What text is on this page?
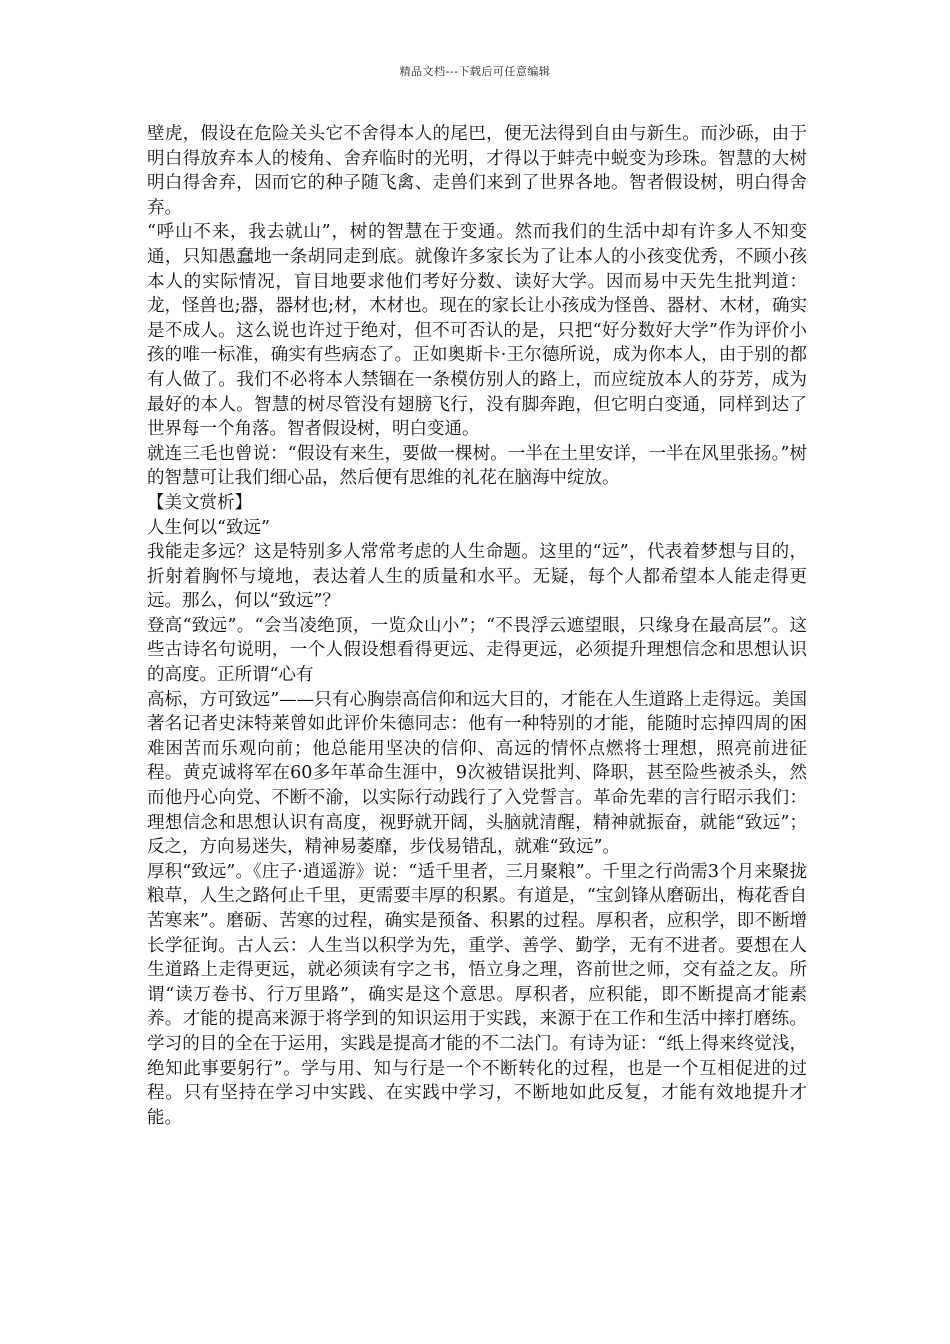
精品文档---下载后可任意编辑

壁虎，假设在危险关头它不舍得本人的尾巴，便无法得到自由与新生。而沙砾，由于明白得放弃本人的棱角、舍弃临时的光明，才得以于蚌壳中蜕变为珍珠。智慧的大树明白得舍弃，因而它的种子随飞禽、走兽们来到了世界各地。智者假设树，明白得舍弃。

“呼山不来，我去就山”，树的智慧在于变通。然而我们的生活中却有许多人不知变通，只知愚蠢地一条胡同走到底。就像许多家长为了让本人的小孩变优秀，不顾小孩本人的实际情况，盲目地要求他们考好分数、读好大学。因而易中天先生批判道：龙，怪兽也;器，器材也;材，木材也。现在的家长让小孩成为怪兽、器材、木材，确实是不成人。这么说也许过于绝对，但不可否认的是，只把“好分数好大学”作为评价小孩的唯一标准，确实有些病态了。正如奥斯卡·王尔德所说，成为你本人，由于别的都有人做了。我们不必将本人禁锢在一条模仿别人的路上，而应绽放本人的芬芳，成为最好的本人。智慧的树尽管没有翅膀飞行，没有脚奔跑，但它明白变通，同样到达了世界每一个角落。智者假设树，明白变通。

就连三毛也曾说：“假设有来生，要做一棵树。一半在土里安详，一半在风里张扬。”树的智慧可让我们细心品，然后便有思维的礼花在脑海中绽放。

【美文赏析】

人生何以“致远”

我能走多远？这是特别多人常常考虑的人生命题。这里的“远”，代表着梦想与目的，折射着胸怀与境地，表达着人生的质量和水平。无疑，每个人都希望本人能走得更远。那么，何以“致远”？

登高“致远”。“会当凌绝顶，一览众山小”；“不畏浮云遮望眼，只缘身在最高层”。这些古诗名句说明，一个人假设想看得更远、走得更远，必须提升理想信念和思想认识的高度。正所谓“心有

高标，方可致远”——只有心胸崇高信仰和远大目的，才能在人生道路上走得远。美国著名记者史沫特莱曾如此评价朱德同志：他有一种特别的才能，能随时忘掉四周的困难困苦而乐观向前；他总能用坚决的信仰、高远的情怀点燃将士理想，照亮前进征程。黄克诚将军在60多年革命生涯中，9次被错误批判、降职，甚至险些被杀头，然而他丹心向党、不断不渝，以实际行动践行了入党誓言。革命先辈的言行昭示我们：理想信念和思想认识有高度，视野就开阔，头脑就清醒，精神就振奋，就能“致远”；反之，方向易迷失，精神易萎靡，步伐易错乱，就难“致远”。

厚积“致远”。《庄子·逍遥游》说：“适千里者，三月聚粮”。千里之行尚需3个月来聚拢粮草，人生之路何止千里，更需要丰厚的积累。有道是，“宝剑锋从磨砺出，梅花香自苦寒来”。磨砺、苦寒的过程，确实是预备、积累的过程。厚积者，应积学，即不断增长学征询。古人云：人生当以积学为先，重学、善学、勤学，无有不进者。要想在人生道路上走得更远，就必须读有字之书，悟立身之理，咨前世之师，交有益之友。所谓“读万卷书、行万里路”，确实是这个意思。厚积者，应积能，即不断提高才能素养。才能的提高来源于将学到的知识运用于实践，来源于在工作和生活中摔打磨练。学习的目的全在于运用，实践是提高才能的不二法门。有诗为证：“纸上得来终觉浅，绝知此事要躬行”。学与用、知与行是一个不断转化的过程，也是一个互相促进的过程。只有坚持在学习中实践、在实践中学习，不断地如此反复，才能有效地提升才能。
